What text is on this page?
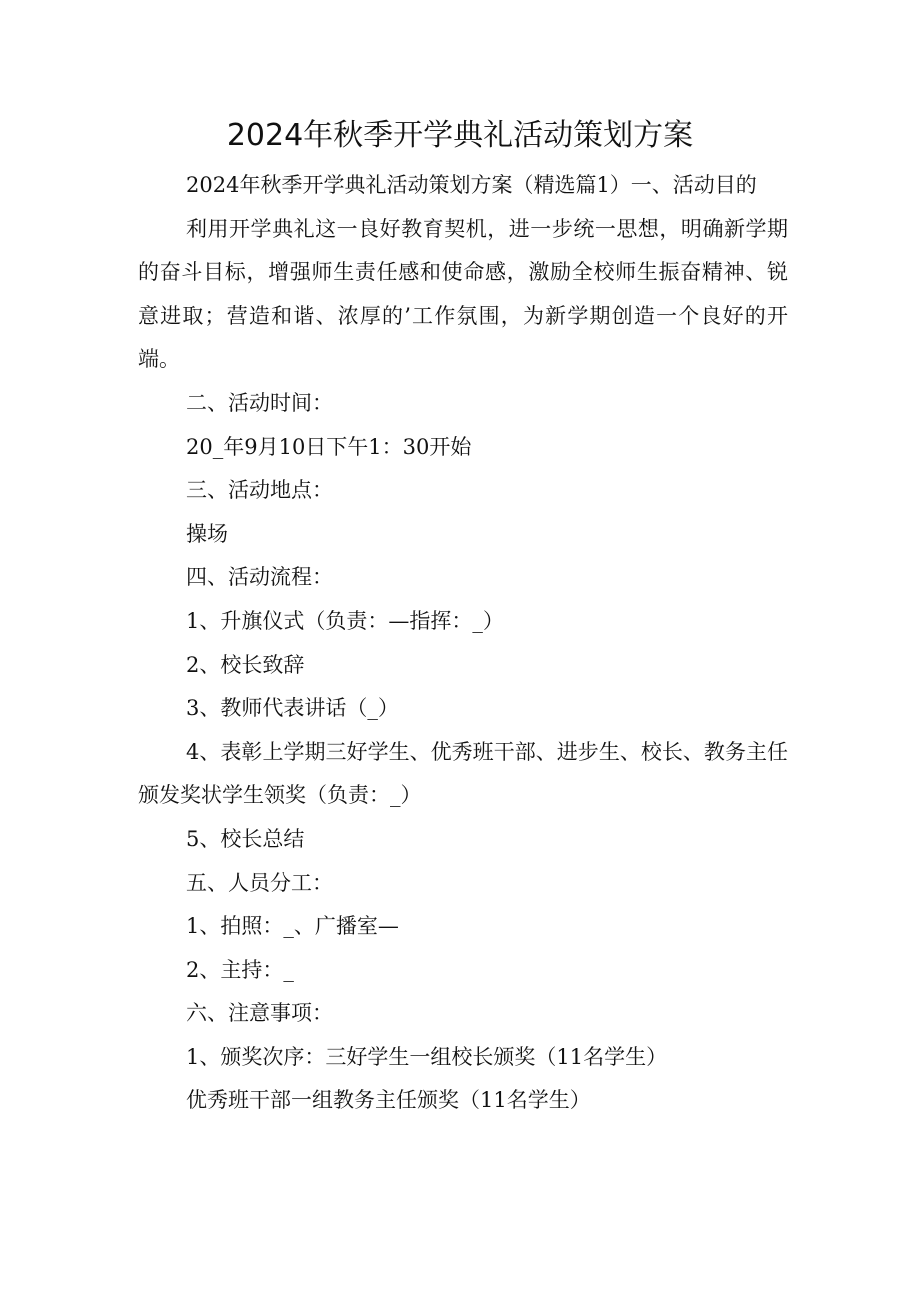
2024年秋季开学典礼活动策划方案

2024年秋季开学典礼活动策划方案（精选篇1）一、活动目的

利用开学典礼这一良好教育契机，进一步统一思想，明确新学期的奋斗目标，增强师生责任感和使命感，激励全校师生振奋精神、锐意进取；营造和谐、浓厚的’工作氛围，为新学期创造一个良好的开端。

二、活动时间：

20_年9月10日下午1：30开始

三、活动地点：

操场

四、活动流程：

1、升旗仪式（负责：—指挥：_）

2、校长致辞

3、教师代表讲话（_）

4、表彰上学期三好学生、优秀班干部、进步生、校长、教务主任颁发奖状学生领奖（负责：_）

5、校长总结

五、人员分工：

1、拍照：_、广播室—

2、主持：_

六、注意事项：

1、颁奖次序：三好学生一组校长颁奖（11名学生）

优秀班干部一组教务主任颁奖（11名学生）
